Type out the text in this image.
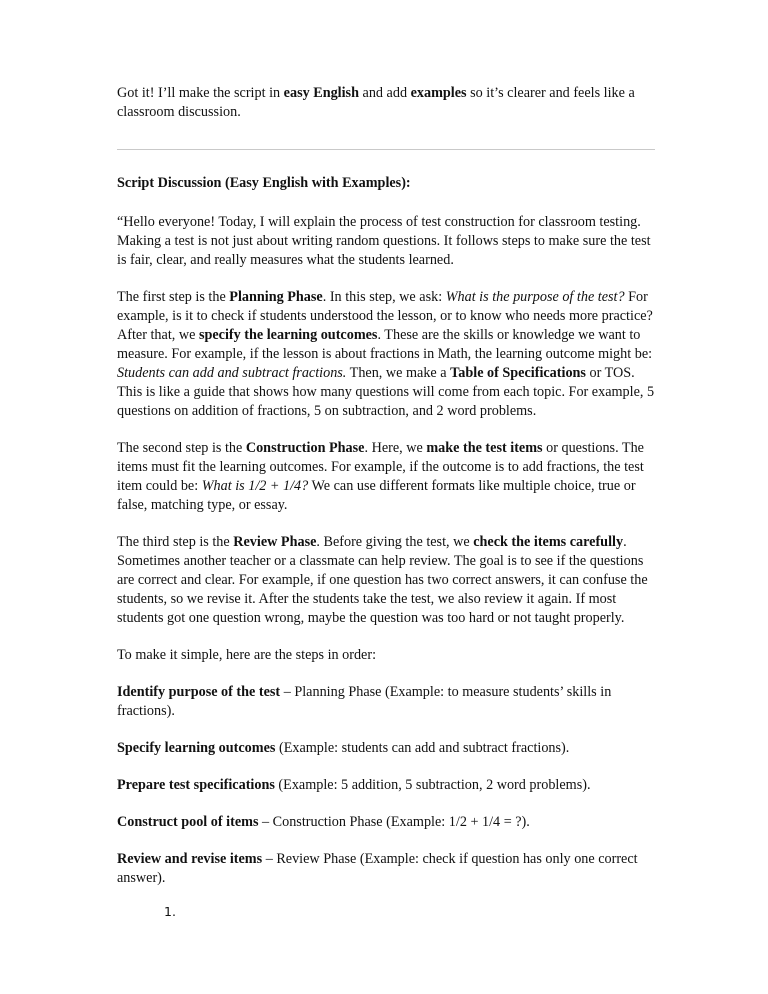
Got it! I’ll make the script in easy English and add examples so it’s clearer and feels like a classroom discussion.

Script Discussion (Easy English with Examples):

“Hello everyone! Today, I will explain the process of test construction for classroom testing. Making a test is not just about writing random questions. It follows steps to make sure the test is fair, clear, and really measures what the students learned.

The first step is the Planning Phase. In this step, we ask: What is the purpose of the test? For example, is it to check if students understood the lesson, or to know who needs more practice? After that, we specify the learning outcomes. These are the skills or knowledge we want to measure. For example, if the lesson is about fractions in Math, the learning outcome might be: Students can add and subtract fractions. Then, we make a Table of Specifications or TOS. This is like a guide that shows how many questions will come from each topic. For example, 5 questions on addition of fractions, 5 on subtraction, and 2 word problems.

The second step is the Construction Phase. Here, we make the test items or questions. The items must fit the learning outcomes. For example, if the outcome is to add fractions, the test item could be: What is 1/2 + 1/4? We can use different formats like multiple choice, true or false, matching type, or essay.

The third step is the Review Phase. Before giving the test, we check the items carefully. Sometimes another teacher or a classmate can help review. The goal is to see if the questions are correct and clear. For example, if one question has two correct answers, it can confuse the students, so we revise it. After the students take the test, we also review it again. If most students got one question wrong, maybe the question was too hard or not taught properly.

To make it simple, here are the steps in order:

Identify purpose of the test – Planning Phase (Example: to measure students’ skills in fractions).

Specify learning outcomes (Example: students can add and subtract fractions).

Prepare test specifications (Example: 5 addition, 5 subtraction, 2 word problems).

Construct pool of items – Construction Phase (Example: 1/2 + 1/4 = ?).

Review and revise items – Review Phase (Example: check if question has only one correct answer).

1.
